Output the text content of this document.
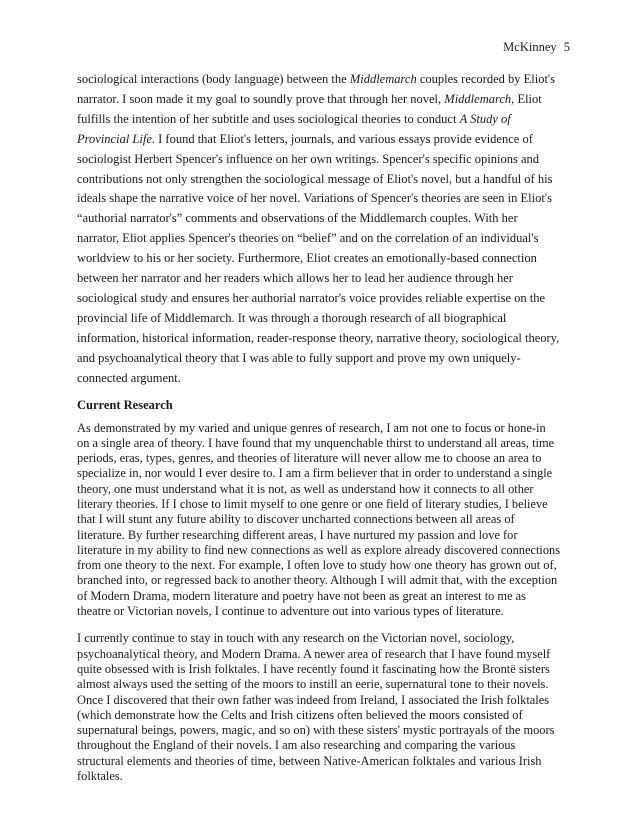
McKinney 5

sociological interactions (body language) between the Middlemarch couples recorded by Eliot's
narrator. I soon made it my goal to soundly prove that through her novel, Middlemarch, Eliot
fulfills the intention of her subtitle and uses sociological theories to conduct A Study of
Provincial Life. I found that Eliot's letters, journals, and various essays provide evidence of
sociologist Herbert Spencer's influence on her own writings. Spencer's specific opinions and
contributions not only strengthen the sociological message of Eliot's novel, but a handful of his
ideals shape the narrative voice of her novel. Variations of Spencer's theories are seen in Eliot's
“authorial narrator's” comments and observations of the Middlemarch couples. With her
narrator, Eliot applies Spencer's theories on “belief” and on the correlation of an individual's
worldview to his or her society. Furthermore, Eliot creates an emotionally-based connection
between her narrator and her readers which allows her to lead her audience through her
sociological study and ensures her authorial narrator's voice provides reliable expertise on the
provincial life of Middlemarch. It was through a thorough research of all biographical
information, historical information, reader-response theory, narrative theory, sociological theory,
and psychoanalytical theory that I was able to fully support and prove my own uniquely-
connected argument.

Current Research

As demonstrated by my varied and unique genres of research, I am not one to focus or hone-in
on a single area of theory. I have found that my unquenchable thirst to understand all areas, time
periods, eras, types, genres, and theories of literature will never allow me to choose an area to
specialize in, nor would I ever desire to. I am a firm believer that in order to understand a single
theory, one must understand what it is not, as well as understand how it connects to all other
literary theories. If I chose to limit myself to one genre or one field of literary studies, I believe
that I will stunt any future ability to discover uncharted connections between all areas of
literature. By further researching different areas, I have nurtured my passion and love for
literature in my ability to find new connections as well as explore already discovered connections
from one theory to the next. For example, I often love to study how one theory has grown out of,
branched into, or regressed back to another theory. Although I will admit that, with the exception
of Modern Drama, modern literature and poetry have not been as great an interest to me as
theatre or Victorian novels, I continue to adventure out into various types of literature.

I currently continue to stay in touch with any research on the Victorian novel, sociology,
psychoanalytical theory, and Modern Drama. A newer area of research that I have found myself
quite obsessed with is Irish folktales. I have recently found it fascinating how the Brontë sisters
almost always used the setting of the moors to instill an eerie, supernatural tone to their novels.
Once I discovered that their own father was indeed from Ireland, I associated the Irish folktales
(which demonstrate how the Celts and Irish citizens often believed the moors consisted of
supernatural beings, powers, magic, and so on) with these sisters' mystic portrayals of the moors
throughout the England of their novels. I am also researching and comparing the various
structural elements and theories of time, between Native-American folktales and various Irish
folktales.
